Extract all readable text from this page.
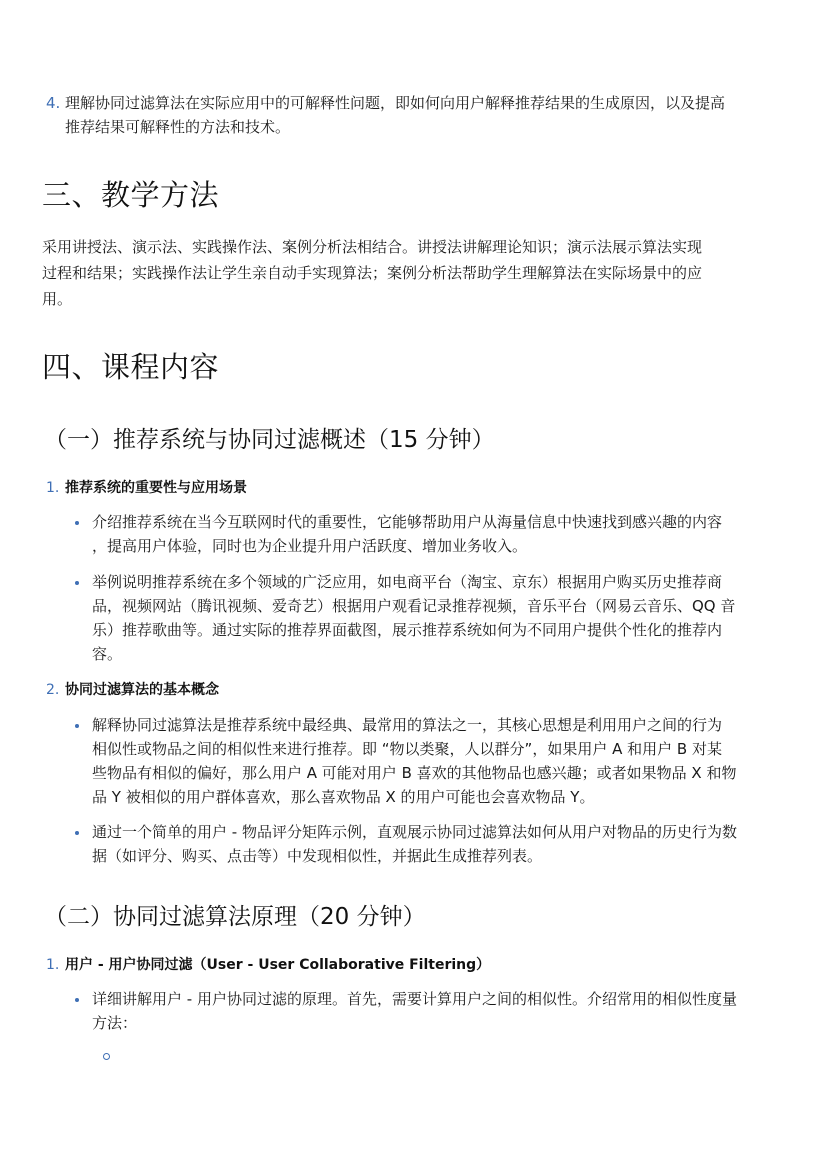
4. 理解协同过滤算法在实际应用中的可解释性问题，即如何向用户解释推荐结果的生成原因，以及提高
推荐结果可解释性的方法和技术。
三、教学方法
采用讲授法、演示法、实践操作法、案例分析法相结合。讲授法讲解理论知识；演示法展示算法实现
过程和结果；实践操作法让学生亲自动手实现算法；案例分析法帮助学生理解算法在实际场景中的应
用。
四、课程内容
（一）推荐系统与协同过滤概述（15 分钟）
1. 推荐系统的重要性与应用场景
介绍推荐系统在当今互联网时代的重要性，它能够帮助用户从海量信息中快速找到感兴趣的内容
，提高用户体验，同时也为企业提升用户活跃度、增加业务收入。
举例说明推荐系统在多个领域的广泛应用，如电商平台（淘宝、京东）根据用户购买历史推荐商
品，视频网站（腾讯视频、爱奇艺）根据用户观看记录推荐视频，音乐平台（网易云音乐、QQ 音
乐）推荐歌曲等。通过实际的推荐界面截图，展示推荐系统如何为不同用户提供个性化的推荐内
容。
2. 协同过滤算法的基本概念
解释协同过滤算法是推荐系统中最经典、最常用的算法之一，其核心思想是利用用户之间的行为
相似性或物品之间的相似性来进行推荐。即 “物以类聚，人以群分”，如果用户 A 和用户 B 对某
些物品有相似的偏好，那么用户 A 可能对用户 B 喜欢的其他物品也感兴趣；或者如果物品 X 和物
品 Y 被相似的用户群体喜欢，那么喜欢物品 X 的用户可能也会喜欢物品 Y。
通过一个简单的用户 - 物品评分矩阵示例，直观展示协同过滤算法如何从用户对物品的历史行为数
据（如评分、购买、点击等）中发现相似性，并据此生成推荐列表。
（二）协同过滤算法原理（20 分钟）
1. 用户 - 用户协同过滤（User - User Collaborative Filtering）
详细讲解用户 - 用户协同过滤的原理。首先，需要计算用户之间的相似性。介绍常用的相似性度量
方法：
